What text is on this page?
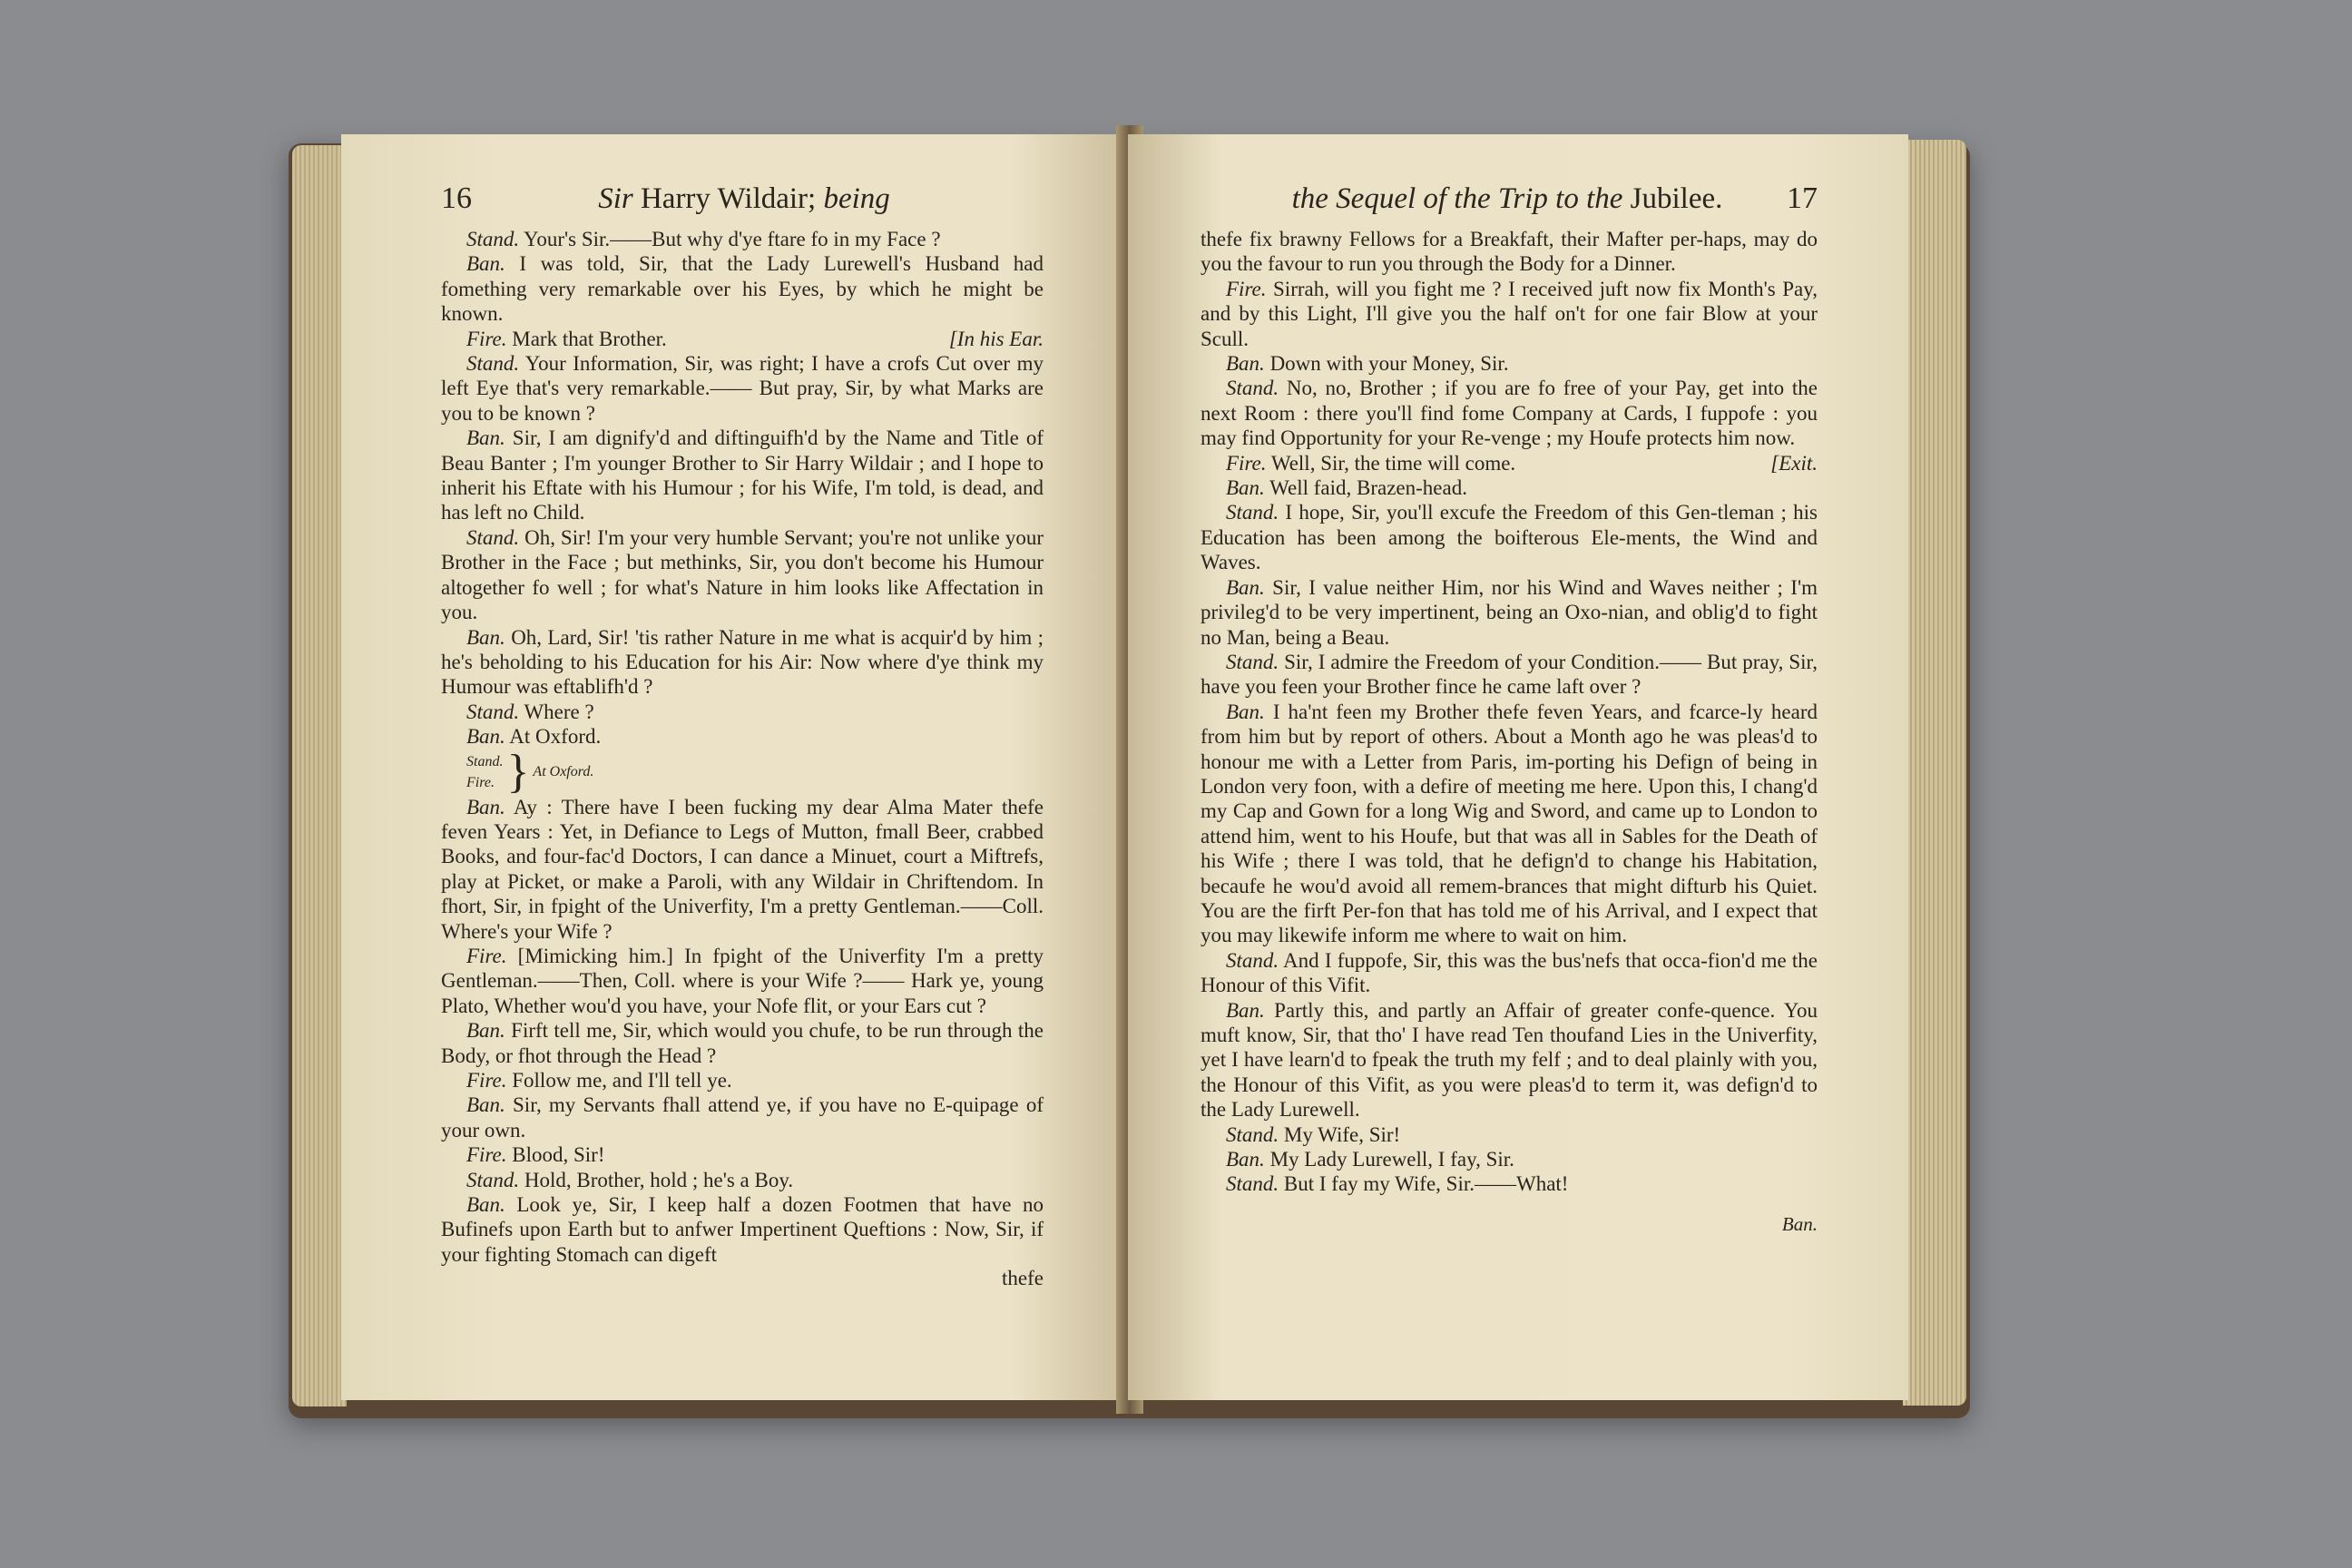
16	Sir Harry Wildair; being

Stand. Your's Sir.——But why d'ye ftare fo in my Face ?

Ban. I was told, Sir, that the Lady Lurewell's Husband had fomething very remarkable over his Eyes, by which he might be known.

Fire. Mark that Brother.	[In his Ear.

Stand. Your Information, Sir, was right; I have a crofs Cut over my left Eye that's very remarkable.—— But pray, Sir, by what Marks are you to be known ?

Ban. Sir, I am dignify'd and diftinguifh'd by the Name and Title of Beau Banter ; I'm younger Brother to Sir Harry Wildair ; and I hope to inherit his Eftate with his Humour ; for his Wife, I'm told, is dead, and has left no Child.

Stand. Oh, Sir! I'm your very humble Servant; you're not unlike your Brother in the Face ; but methinks, Sir, you don't become his Humour altogether fo well ; for what's Nature in him looks like Affectation in you.

Ban. Oh, Lard, Sir! 'tis rather Nature in me what is acquir'd by him ; he's beholding to his Education for his Air: Now where d'ye think my Humour was eftablifh'd ?

Stand. Where ?

Ban. At Oxford.

Stand.
Fire. } At Oxford.

Ban. Ay : There have I been fucking my dear Alma Mater thefe feven Years : Yet, in Defiance to Legs of Mutton, fmall Beer, crabbed Books, and four-fac'd Doctors, I can dance a Minuet, court a Miftrefs, play at Picket, or make a Paroli, with any Wildair in Chriftendom. In fhort, Sir, in fpight of the Univerfity, I'm a pretty Gentleman.——Coll. Where's your Wife ?

Fire. [Mimicking him.] In fpight of the Univerfity I'm a pretty Gentleman.——Then, Coll. where is your Wife ?—— Hark ye, young Plato, Whether wou'd you have, your Nofe flit, or your Ears cut ?

Ban. Firft tell me, Sir, which would you chufe, to be run through the Body, or fhot through the Head ?

Fire. Follow me, and I'll tell ye.

Ban. Sir, my Servants fhall attend ye, if you have no E-quipage of your own.

Fire. Blood, Sir!

Stand. Hold, Brother, hold ; he's a Boy.

Ban. Look ye, Sir, I keep half a dozen Footmen that have no Bufinefs upon Earth but to anfwer Impertinent Queftions : Now, Sir, if your fighting Stomach can digeft

thefe
the Sequel of the Trip to the Jubilee. 17

thefe fix brawny Fellows for a Breakfaft, their Mafter per-haps, may do you the favour to run you through the Body for a Dinner.

Fire. Sirrah, will you fight me ? I received juft now fix Month's Pay, and by this Light, I'll give you the half on't for one fair Blow at your Scull.

Ban. Down with your Money, Sir.

Stand. No, no, Brother ; if you are fo free of your Pay, get into the next Room : there you'll find fome Company at Cards, I fuppofe : you may find Opportunity for your Re-venge ; my Houfe protects him now.

Fire. Well, Sir, the time will come.	[Exit.

Ban. Well faid, Brazen-head.

Stand. I hope, Sir, you'll excufe the Freedom of this Gen-tleman ; his Education has been among the boifterous Ele-ments, the Wind and Waves.

Ban. Sir, I value neither Him, nor his Wind and Waves neither ; I'm privileg'd to be very impertinent, being an Oxo-nian, and oblig'd to fight no Man, being a Beau.

Stand. Sir, I admire the Freedom of your Condition.—— But pray, Sir, have you feen your Brother fince he came laft over ?

Ban. I ha'nt feen my Brother thefe feven Years, and fcarce-ly heard from him but by report of others. About a Month ago he was pleas'd to honour me with a Letter from Paris, im-porting his Defign of being in London very foon, with a defire of meeting me here. Upon this, I chang'd my Cap and Gown for a long Wig and Sword, and came up to London to attend him, went to his Houfe, but that was all in Sables for the Death of his Wife ; there I was told, that he defign'd to change his Habitation, becaufe he wou'd avoid all remem-brances that might difturb his Quiet. You are the firft Per-fon that has told me of his Arrival, and I expect that you may likewife inform me where to wait on him.

Stand. And I fuppofe, Sir, this was the bus'nefs that occa-fion'd me the Honour of this Vifit.

Ban. Partly this, and partly an Affair of greater confe-quence. You muft know, Sir, that tho' I have read Ten thoufand Lies in the Univerfity, yet I have learn'd to fpeak the truth my felf ; and to deal plainly with you, the Honour of this Vifit, as you were pleas'd to term it, was defign'd to the Lady Lurewell.

Stand. My Wife, Sir!

Ban. My Lady Lurewell, I fay, Sir.

Stand. But I fay my Wife, Sir.——What!

Ban.
